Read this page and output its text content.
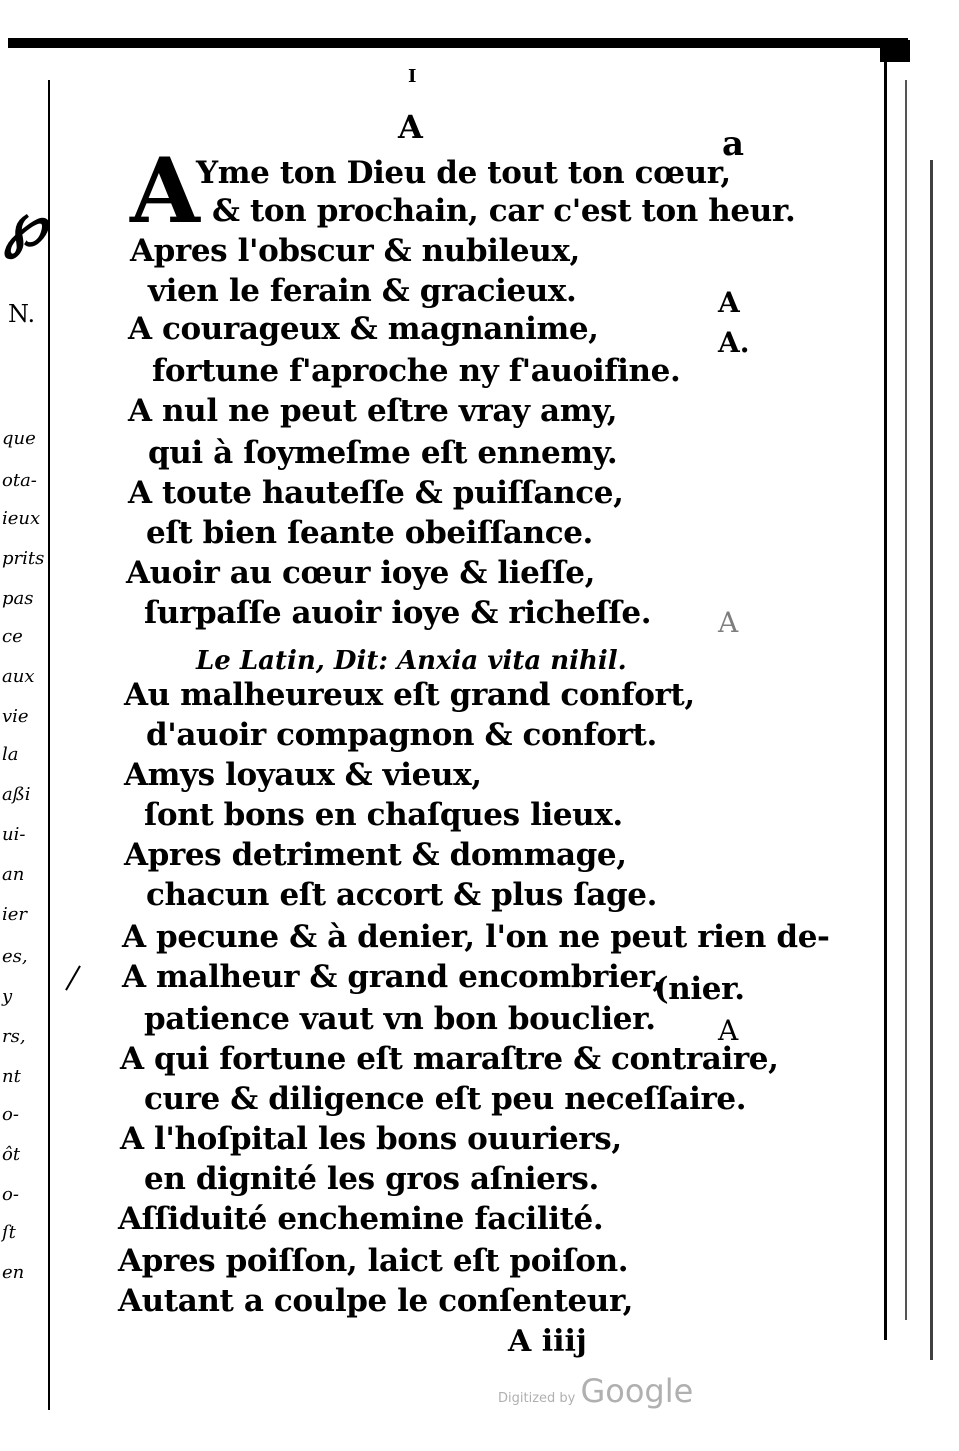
℘
N.
que
ota-
ieux
prits
pas
ce
aux
vie
la
aßi
ui-
an
ier
es,
y
rs,
nt
o-
ôt
o-
ſt
en
I
A	a
A
Yme ton Dieu de tout ton cœur,
& ton prochain, car c'est ton heur.
Apres l'obscur & nubileux,
vien le ferain & gracieux.
A courageux & magnanime,
fortune f'aproche ny f'auoifine.
A nul ne peut eſtre vray amy,
qui à ſoymeſme eſt ennemy.
A toute hauteſſe & puiſſance,
eſt bien ſeante obeiſſance.
Auoir au cœur ioye & lieſſe,
ſurpaſſe auoir ioye & richeſſe.
Le Latin, Dit: Anxia vita nihil.
Au malheureux eſt grand confort,
d'auoir compagnon & confort.
Amys loyaux & vieux,
ſont bons en chaſques lieux.
Apres detriment & dommage,
chacun eſt accort & plus ſage.
A pecune & à denier, l'on ne peut rien de-
A malheur & grand encombrier,
(nier.
patience vaut vn bon bouclier.
A qui fortune eſt maraſtre & contraire,
cure & diligence eſt peu neceſſaire.
A l'hoſpital les bons ouuriers,
en dignité les gros aſniers.
Aſſiduité enchemine facilité.
Apres poiſſon, laict eſt poiſon.
Autant a coulpe le conſenteur,
A
A.
A
A
A iiij
Digitized by Google
